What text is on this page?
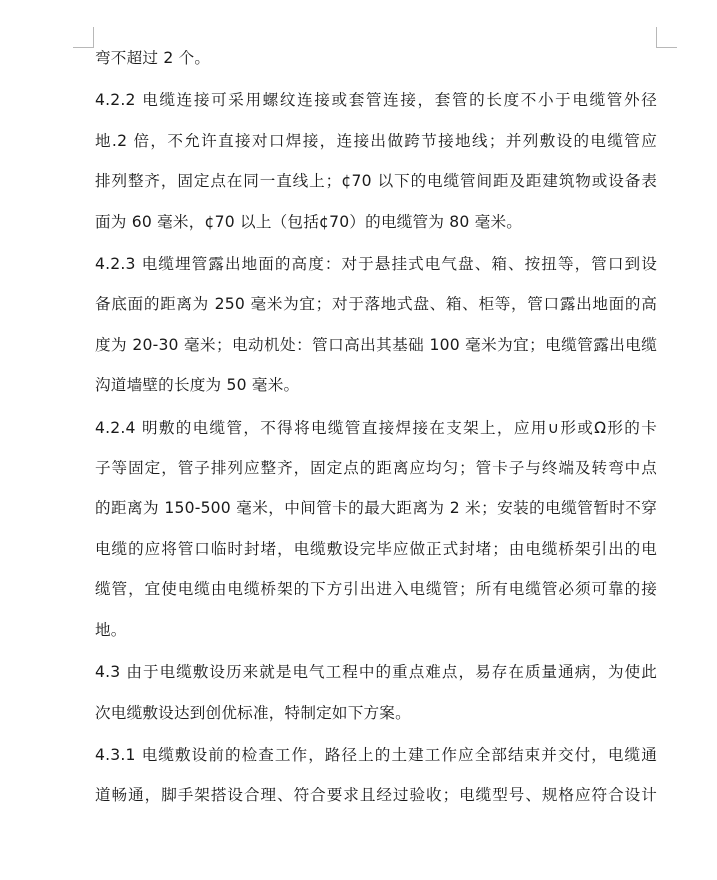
弯不超过 2 个。

4.2.2 电缆连接可采用螺纹连接或套管连接，套管的长度不小于电缆管外径
地.2 倍，不允许直接对口焊接，连接出做跨节接地线；并列敷设的电缆管应
排列整齐，固定点在同一直线上；¢70 以下的电缆管间距及距建筑物或设备表
面为 60 毫米，¢70 以上（包括¢70）的电缆管为 80 毫米。

4.2.3 电缆埋管露出地面的高度：对于悬挂式电气盘、箱、按扭等，管口到设
备底面的距离为 250 毫米为宜；对于落地式盘、箱、柜等，管口露出地面的高
度为 20-30 毫米；电动机处：管口高出其基础 100 毫米为宜；电缆管露出电缆
沟道墙壁的长度为 50 毫米。

4.2.4 明敷的电缆管，不得将电缆管直接焊接在支架上，应用∪形或Ω形的卡
子等固定，管子排列应整齐，固定点的距离应均匀；管卡子与终端及转弯中点
的距离为 150-500 毫米，中间管卡的最大距离为 2 米；安装的电缆管暂时不穿
电缆的应将管口临时封堵，电缆敷设完毕应做正式封堵；由电缆桥架引出的电
缆管，宜使电缆由电缆桥架的下方引出进入电缆管；所有电缆管必须可靠的接
地。

4.3 由于电缆敷设历来就是电气工程中的重点难点，易存在质量通病，为使此
次电缆敷设达到创优标准，特制定如下方案。

4.3.1 电缆敷设前的检查工作，路径上的土建工作应全部结束并交付，电缆通
道畅通，脚手架搭设合理、符合要求且经过验收；电缆型号、规格应符合设计
